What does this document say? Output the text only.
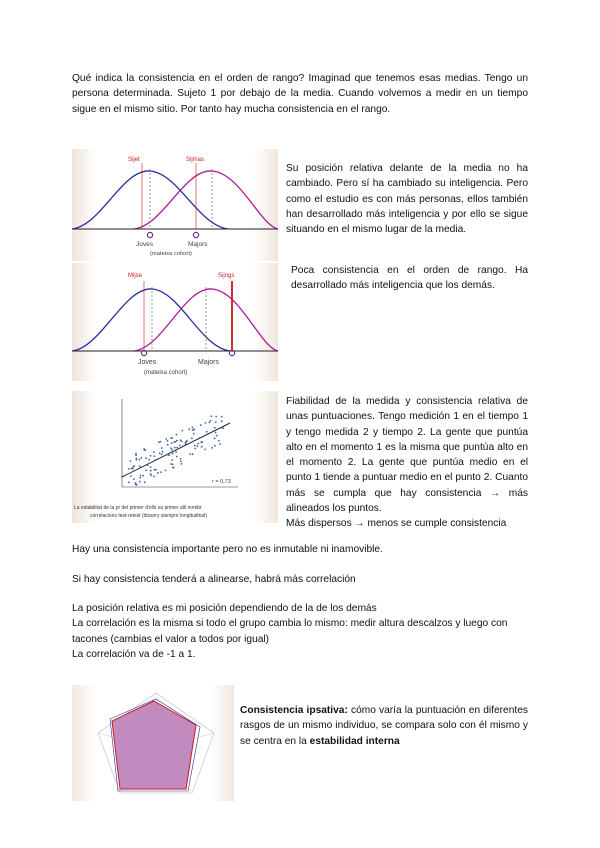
Qué indica la consistencia en el orden de rango? Imaginad que tenemos esas medias. Tengo un persona determinada. Sujeto 1 por debajo de la media. Cuando volvemos a medir en un tiempo sigue en el mismo sitio. Por tanto hay mucha consistencia en el rango.
Sijet	Sijmas
Joves	Majors
(mateixa cohort)
Su posición relativa delante de la media no ha cambiado. Pero sí ha cambiado su inteligencia. Pero como el estudio es con más personas, ellos también han desarrollado más inteligencia y por ello se sigue situando en el mismo lugar de la media.
Mijse	Sijngs
Joves	Majors
(mateixa cohort)
Poca consistencia en el orden de rango. Ha desarrollado más inteligencia que los demás.
r = 0,73
La estabilitat de la pr del primer d'ells va primer alli nombr
correlacions test-retest (dissery siempre longitudinal)
Fiabilidad de la medida y consistencia relativa de unas puntuaciones. Tengo medición 1 en el tiempo 1 y tengo medida 2 y tiempo 2. La gente que puntúa alto en el momento 1 es la misma que puntúa alto en el momento 2. La gente que puntúa medio en el punto 1 tiende a puntuar medio en el punto 2. Cuanto más se cumpla que hay consistencia → más alineados los puntos.
Más dispersos → menos se cumple consistencia
Hay una consistencia importante pero no es inmutable ni inamovible.
Si hay consistencia tenderá a alinearse, habrá más correlación
La posición relativa es mi posición dependiendo de la de los demás
La correlación es la misma si todo el grupo cambia lo mismo: medir altura descalzos y luego con tacones (cambias el valor a todos por igual)
La correlación va de -1 a 1.
Consistencia ipsativa: cómo varía la puntuación en diferentes rasgos de un mismo individuo, se compara solo con él mismo y se centra en la estabilidad interna
